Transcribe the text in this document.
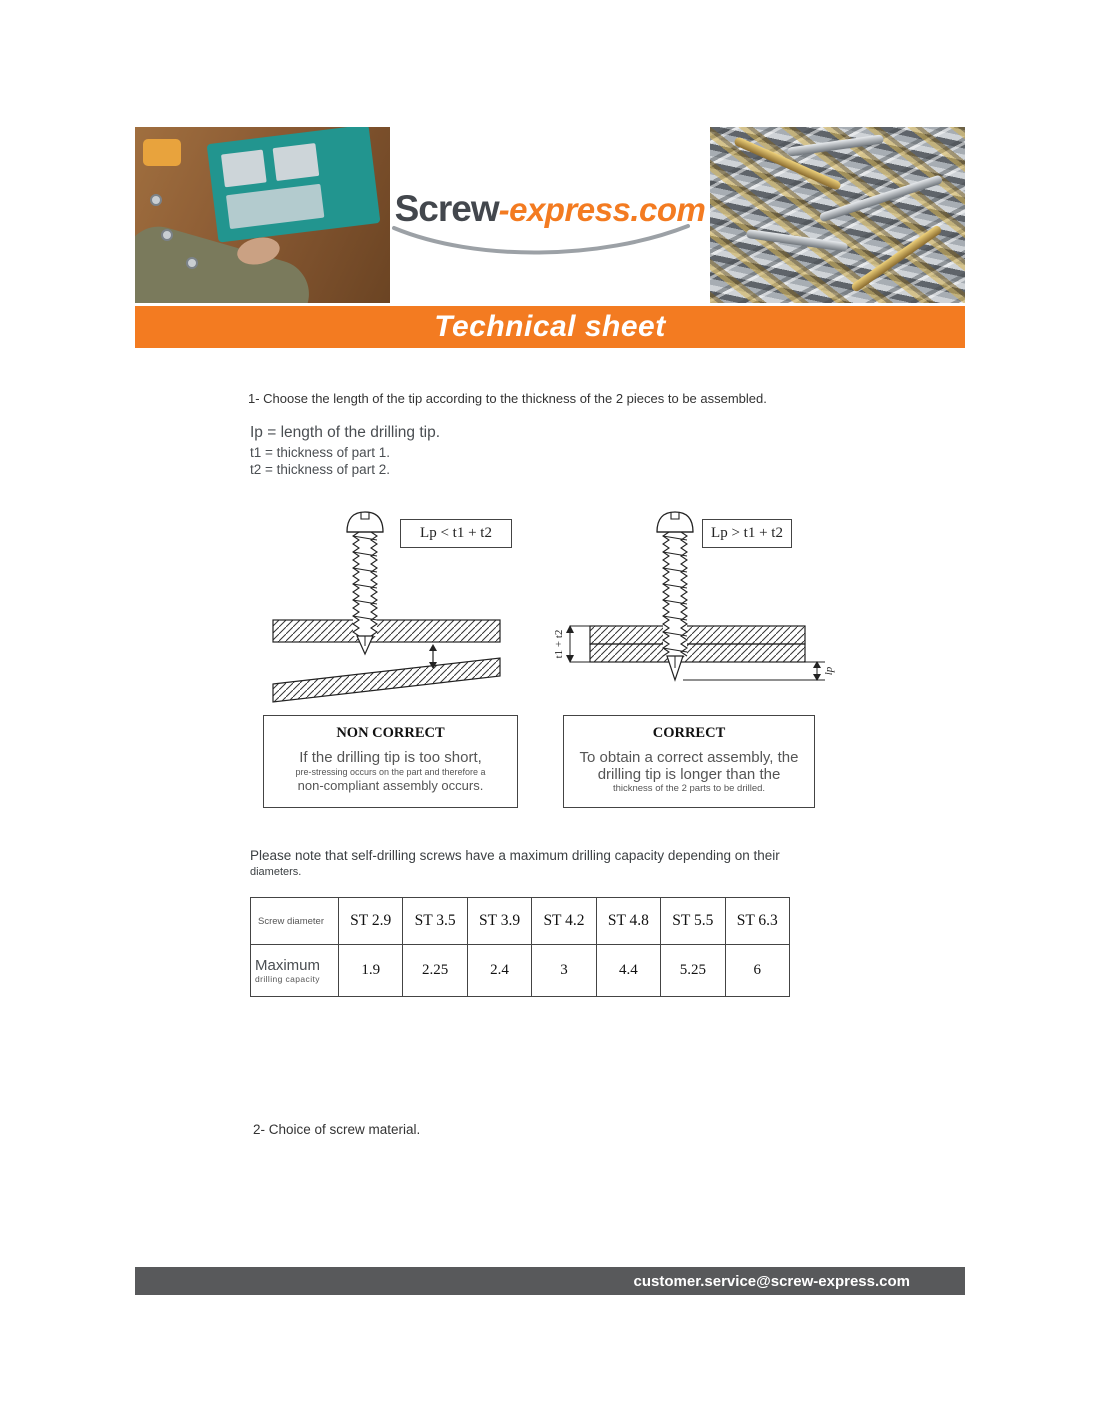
Screw-express.com
Technical sheet
1- Choose the length of the tip according to the thickness of the 2 pieces to be assembled.
Ip = length of the drilling tip.
t1 = thickness of part 1.
t2 = thickness of part 2.
Lp < t1 + t2	Lp > t1 + t2
t1 + t2
lp
NON CORRECT
If the drilling tip is too short,
pre-stressing occurs on the part and therefore a
non-compliant assembly occurs.
CORRECT
To obtain a correct assembly, the
drilling tip is longer than the
thickness of the 2 parts to be drilled.
Please note that self-drilling screws have a maximum drilling capacity depending on their
diameters.
Screw diameter	ST 2.9	ST 3.5	ST 3.9	ST 4.2	ST 4.8	ST 5.5	ST 6.3

Maximum
drilling capacity	1.9	2.25	2.4	3	4.4	5.25	6
2- Choice of screw material.
customer.service@screw-express.com
